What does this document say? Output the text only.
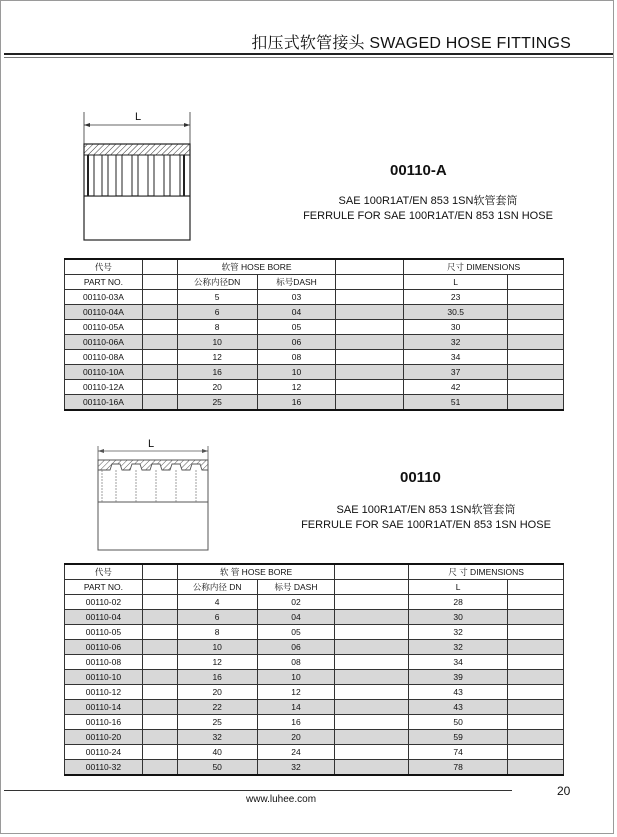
扣压式软管接头 SWAGED HOSE FITTINGS
L
00110-A
SAE 100R1AT/EN 853 1SN软管套筒
FERRULE FOR SAE 100R1AT/EN 853 1SN HOSE
代号		软管 HOSE BORE			尺寸 DIMENSIONS	
PART NO.		公称内径DN	标号DASH		L	
00110-03A		5	03		23	
00110-04A		6	04		30.5	
00110-05A		8	05		30	
00110-06A		10	06		32	
00110-08A		12	08		34	
00110-10A		16	10		37	
00110-12A		20	12		42	
00110-16A		25	16		51	
L
00110
SAE 100R1AT/EN 853 1SN软管套筒
FERRULE FOR SAE 100R1AT/EN 853 1SN HOSE
代号		软 管 HOSE BORE			尺 寸 DIMENSIONS	
PART NO.		公称内径 DN	标号 DASH		L	
00110-02		4	02		28	
00110-04		6	04		30	
00110-05		8	05		32	
00110-06		10	06		32	
00110-08		12	08		34	
00110-10		16	10		39	
00110-12		20	12		43	
00110-14		22	14		43	
00110-16		25	16		50	
00110-20		32	20		59	
00110-24		40	24		74	
00110-32		50	32		78	
www.luhee.com
20
